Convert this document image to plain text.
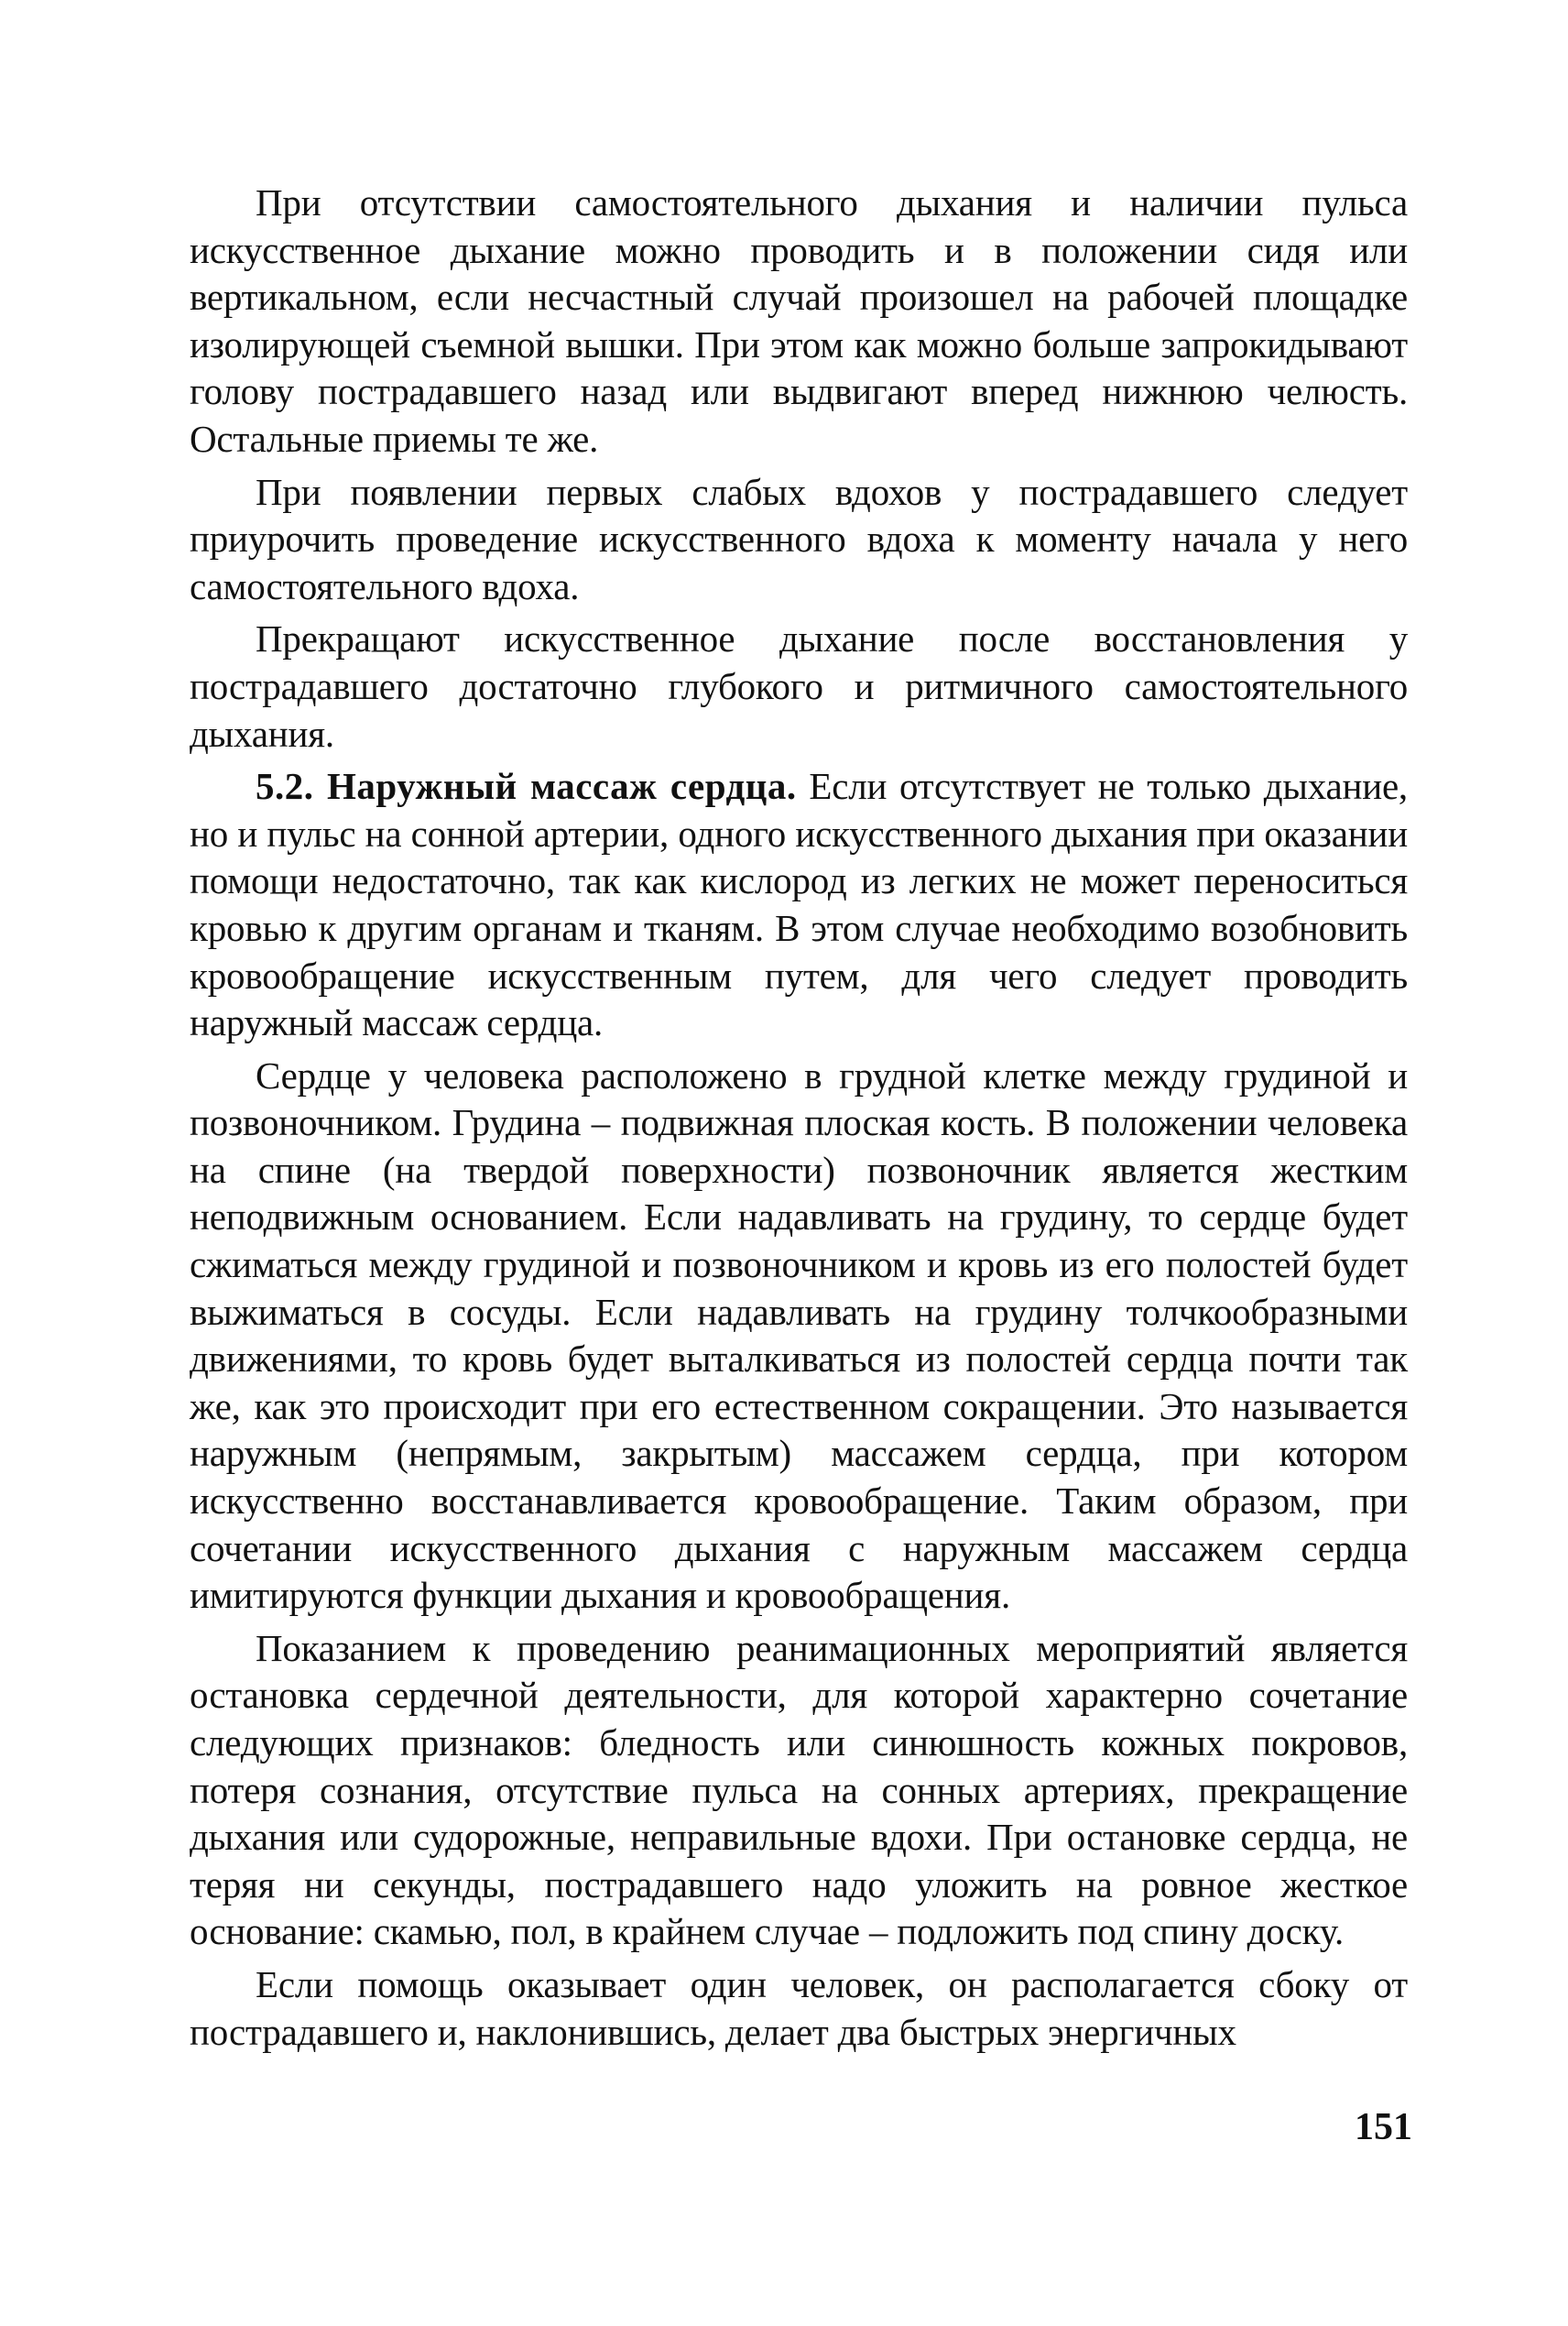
При отсутствии самостоятельного дыхания и наличии пульса искусственное дыхание можно проводить и в положении сидя или вертикальном, если несчастный случай произошел на рабочей площадке изолирующей съемной вышки. При этом как можно больше запрокидывают голову пострадавшего назад или выдвигают вперед нижнюю челюсть. Остальные приемы те же.

При появлении первых слабых вдохов у пострадавшего следует приурочить проведение искусственного вдоха к моменту начала у него самостоятельного вдоха.

Прекращают искусственное дыхание после восстановления у пострадавшего достаточно глубокого и ритмичного самостоятельного дыхания.

5.2. Наружный массаж сердца. Если отсутствует не только дыхание, но и пульс на сонной артерии, одного искусственного дыхания при оказании помощи недостаточно, так как кислород из легких не может переноситься кровью к другим органам и тканям. В этом случае необходимо возобновить кровообращение искусственным путем, для чего следует проводить наружный массаж сердца.

Сердце у человека расположено в грудной клетке между грудиной и позвоночником. Грудина – подвижная плоская кость. В положении человека на спине (на твердой поверхности) позвоночник является жестким неподвижным основанием. Если надавливать на грудину, то сердце будет сжиматься между грудиной и позвоночником и кровь из его полостей будет выжиматься в сосуды. Если надавливать на грудину толчкообразными движениями, то кровь будет выталкиваться из полостей сердца почти так же, как это происходит при его естественном сокращении. Это называется наружным (непрямым, закрытым) массажем сердца, при котором искусственно восстанавливается кровообращение. Таким образом, при сочетании искусственного дыхания с наружным массажем сердца имитируются функции дыхания и кровообращения.

Показанием к проведению реанимационных мероприятий является остановка сердечной деятельности, для которой характерно сочетание следующих признаков: бледность или синюшность кожных покровов, потеря сознания, отсутствие пульса на сонных артериях, прекращение дыхания или судорожные, неправильные вдохи. При остановке сердца, не теряя ни секунды, пострадавшего надо уложить на ровное жесткое основание: скамью, пол, в крайнем случае – подложить под спину доску.

Если помощь оказывает один человек, он располагается сбоку от пострадавшего и, наклонившись, делает два быстрых энергичных

151
